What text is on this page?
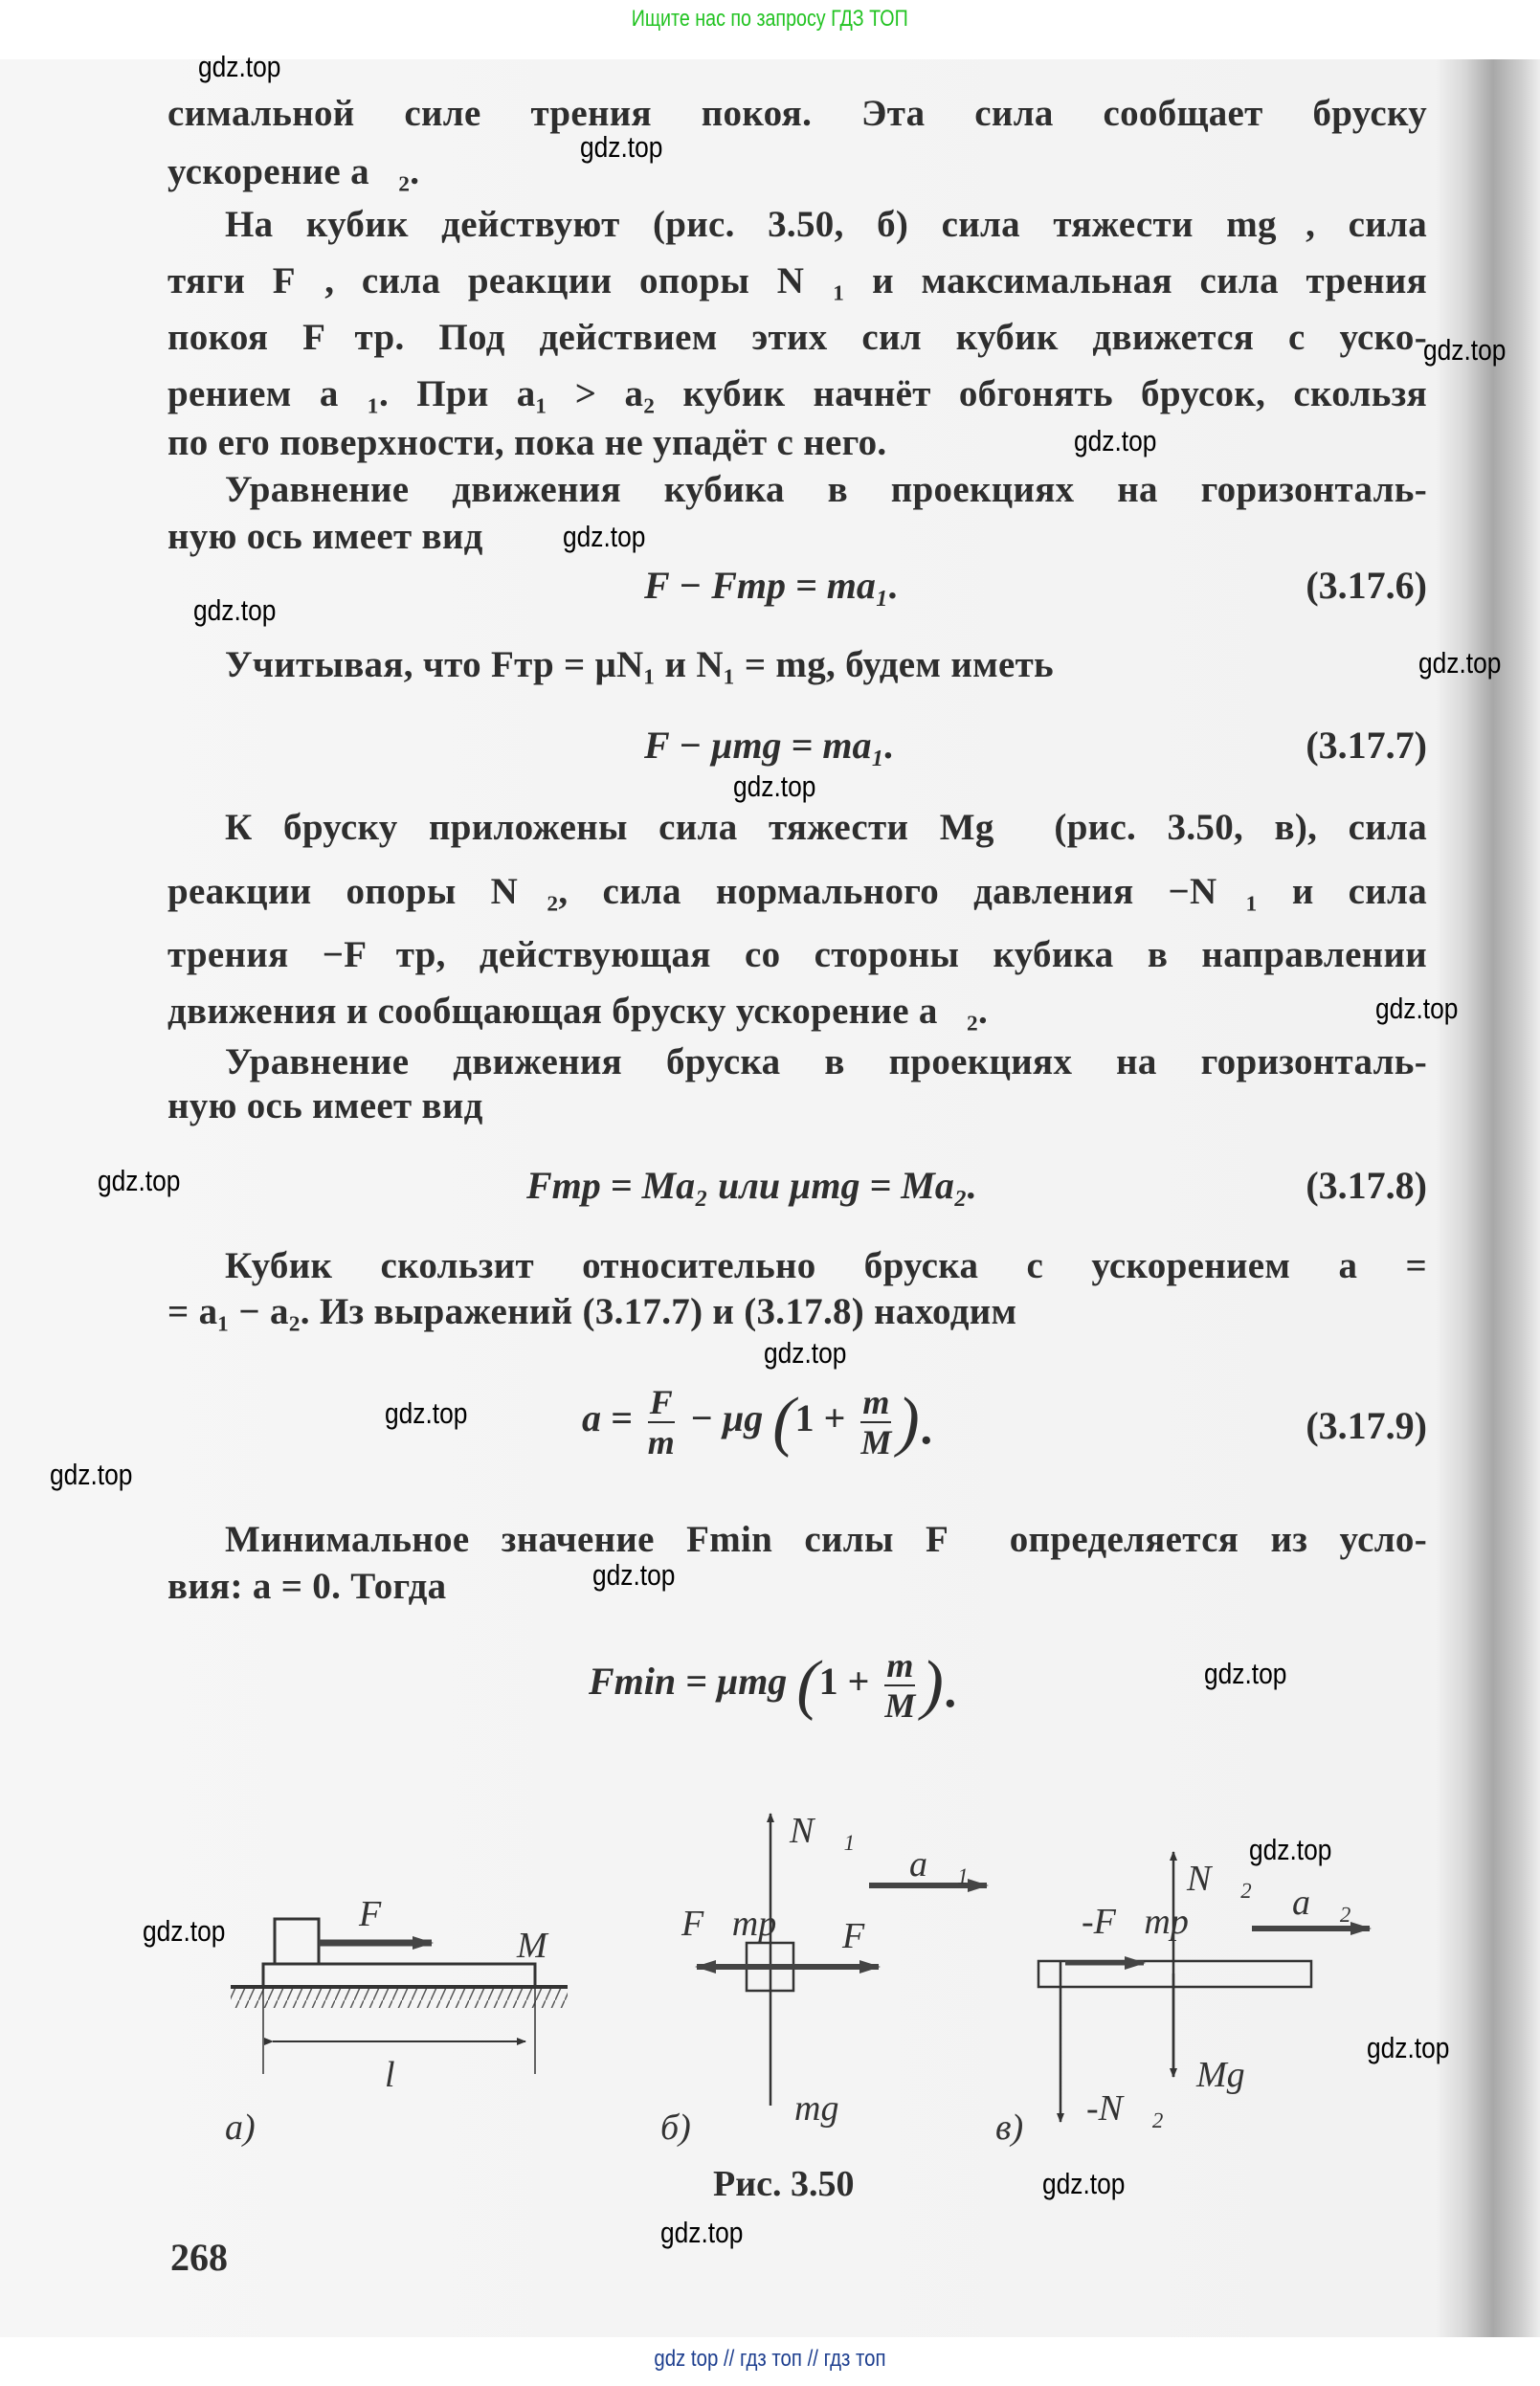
Ищите нас по запросу ГДЗ ТОП
симальной силе трения покоя. Эта сила сообщает бруску
ускорение a⃗₂.
На кубик действуют (рис. 3.50, б) сила тяжести mg⃗, сила
тяги F⃗, сила реакции опоры N⃗₁ и максимальная сила трения
покоя F⃗тр. Под действием этих сил кубик движется с уско-
рением a⃗₁. При a₁ > a₂ кубик начнёт обгонять брусок, скользя
по его поверхности, пока не упадёт с него.
Уравнение движения кубика в проекциях на горизонталь-
ную ось имеет вид
F − Fтр = ma₁.	(3.17.6)
Учитывая, что Fтр = μN₁ и N₁ = mg, будем иметь
F − μmg = ma₁.	(3.17.7)
К бруску приложены сила тяжести Mg⃗ (рис. 3.50, в), сила
реакции опоры N⃗₂, сила нормального давления −N⃗₁ и сила
трения −F⃗тр, действующая со стороны кубика в направлении
движения и сообщающая бруску ускорение a⃗₂.
Уравнение движения бруска в проекциях на горизонталь-
ную ось имеет вид
Fтр = Ma₂ или μmg = Ma₂.	(3.17.8)
Кубик скользит относительно бруска с ускорением a =
= a₁ − a₂. Из выражений (3.17.7) и (3.17.8) находим
$a = \frac{F}{m} - \mu g$ ($1 + \frac{m}{M}$ ).	(3.17.9)
Минимальное значение Fmin силы F⃗ определяется из усло-
вия: a = 0. Тогда
Fmin = μmg ($1 + \frac{m}{M}$ ).
F⃗
M
l
а)
N⃗₁
a⃗₁
F⃗тр F⃗
mg⃗
б)
N⃗₂
a⃗₂
-F⃗тр
Mg⃗
-N⃗₂
в)
Рис. 3.50
268
gdz.top
gdz.top
gdz.top
gdz.top
gdz.top
gdz.top
gdz.top
gdz.top
gdz.top
gdz.top
gdz.top
gdz.top
gdz.top
gdz.top
gdz.top
gdz.top
gdz.top
gdz.top
gdz.top
gdz.top
gdz top // гдз топ // гдз топ
